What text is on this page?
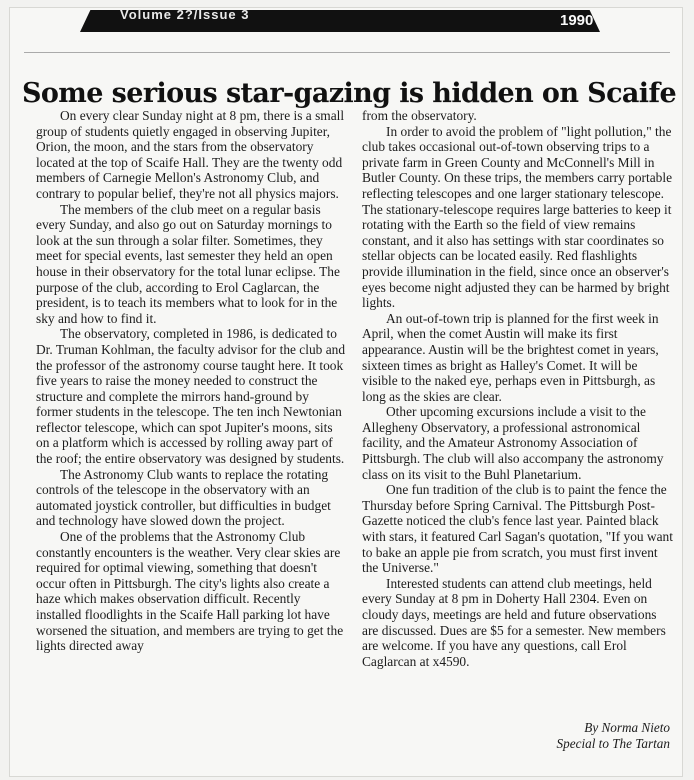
Volume 2?/Issue 3	1990
Some serious star-gazing is hidden on Scaife

On every clear Sunday night at 8 pm, there is a small group of students quietly engaged in observing Jupiter, Orion, the moon, and the stars from the observatory located at the top of Scaife Hall. They are the twenty odd members of Carnegie Mellon's Astronomy Club, and contrary to popular belief, they're not all physics majors.

The members of the club meet on a regular basis every Sunday, and also go out on Saturday mornings to look at the sun through a solar filter. Sometimes, they meet for special events, last semester they held an open house in their observatory for the total lunar eclipse. The purpose of the club, according to Erol Caglarcan, the president, is to teach its members what to look for in the sky and how to find it.

The observatory, completed in 1986, is dedicated to Dr. Truman Kohlman, the faculty advisor for the club and the professor of the astronomy course taught here. It took five years to raise the money needed to construct the structure and complete the mirrors hand-ground by former students in the telescope. The ten inch Newtonian reflector telescope, which can spot Jupiter's moons, sits on a platform which is accessed by rolling away part of the roof; the entire observatory was designed by students.

The Astronomy Club wants to replace the rotating controls of the telescope in the observatory with an automated joystick controller, but difficulties in budget and technology have slowed down the project.

One of the problems that the Astronomy Club constantly encounters is the weather. Very clear skies are required for optimal viewing, something that doesn't occur often in Pittsburgh. The city's lights also create a haze which makes observation difficult. Recently installed floodlights in the Scaife Hall parking lot have worsened the situation, and members are trying to get the lights directed away

from the observatory.

In order to avoid the problem of "light pollution," the club takes occasional out-of-town observing trips to a private farm in Green County and McConnell's Mill in Butler County. On these trips, the members carry portable reflecting telescopes and one larger stationary telescope. The stationary-telescope requires large batteries to keep it rotating with the Earth so the field of view remains constant, and it also has settings with star coordinates so stellar objects can be located easily. Red flashlights provide illumination in the field, since once an observer's eyes become night adjusted they can be harmed by bright lights.

An out-of-town trip is planned for the first week in April, when the comet Austin will make its first appearance. Austin will be the brightest comet in years, sixteen times as bright as Halley's Comet. It will be visible to the naked eye, perhaps even in Pittsburgh, as long as the skies are clear.

Other upcoming excursions include a visit to the Allegheny Observatory, a professional astronomical facility, and the Amateur Astronomy Association of Pittsburgh. The club will also accompany the astronomy class on its visit to the Buhl Planetarium.

One fun tradition of the club is to paint the fence the Thursday before Spring Carnival. The Pittsburgh Post-Gazette noticed the club's fence last year. Painted black with stars, it featured Carl Sagan's quotation, "If you want to bake an apple pie from scratch, you must first invent the Universe."

Interested students can attend club meetings, held every Sunday at 8 pm in Doherty Hall 2304. Even on cloudy days, meetings are held and future observations are discussed. Dues are $5 for a semester. New members are welcome. If you have any questions, call Erol Caglarcan at x4590.

By Norma Nieto
Special to The Tartan
